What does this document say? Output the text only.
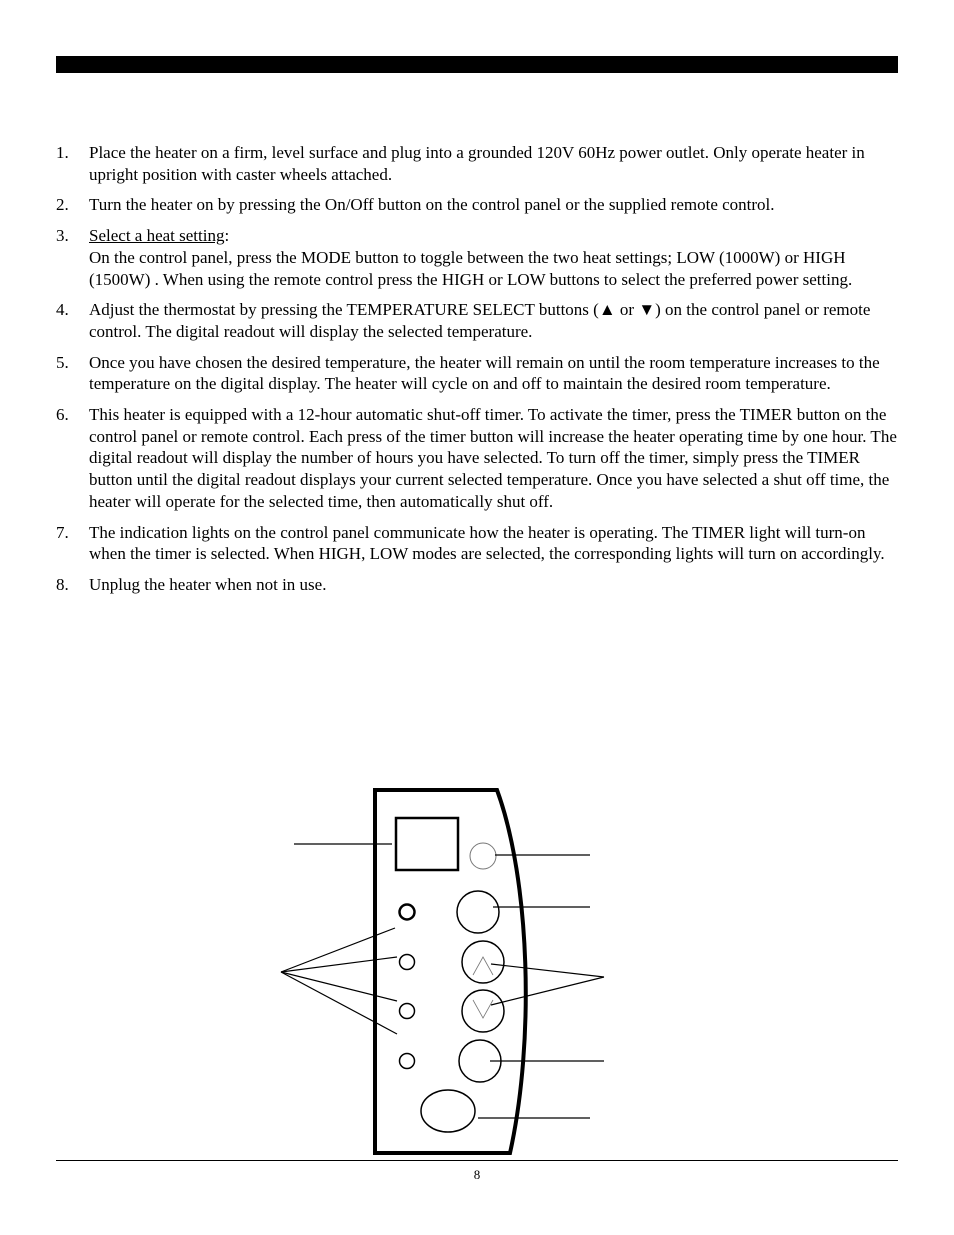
1.	Place the heater on a firm, level surface and plug into a grounded 120V 60Hz power outlet. Only operate heater in upright position with caster wheels attached.
2.	Turn the heater on by pressing the On/Off button on the control panel or the supplied remote control.
3.	Select a heat setting:
On the control panel, press the MODE button to toggle between the two heat settings; LOW (1000W) or HIGH (1500W) . When using the remote control press the HIGH or LOW buttons to select the preferred power setting.
4.	Adjust the thermostat by pressing the TEMPERATURE SELECT buttons (▲ or ▼) on the control panel or remote control. The digital readout will display the selected temperature.
5.	Once you have chosen the desired temperature, the heater will remain on until the room temperature increases to the temperature on the digital display. The heater will cycle on and off to maintain the desired room temperature.
6.	This heater is equipped with a 12-hour automatic shut-off timer. To activate the timer, press the TIMER button on the control panel or remote control. Each press of the timer button will increase the heater operating time by one hour. The digital readout will display the number of hours you have selected. To turn off the timer, simply press the TIMER button until the digital readout displays your current selected temperature. Once you have selected a shut off time, the heater will operate for the selected time, then automatically shut off.
7.	The indication lights on the control panel communicate how the heater is operating. The TIMER light will turn-on when the timer is selected. When HIGH, LOW modes are selected, the corresponding lights will turn on accordingly.
8.	Unplug the heater when not in use.
8
